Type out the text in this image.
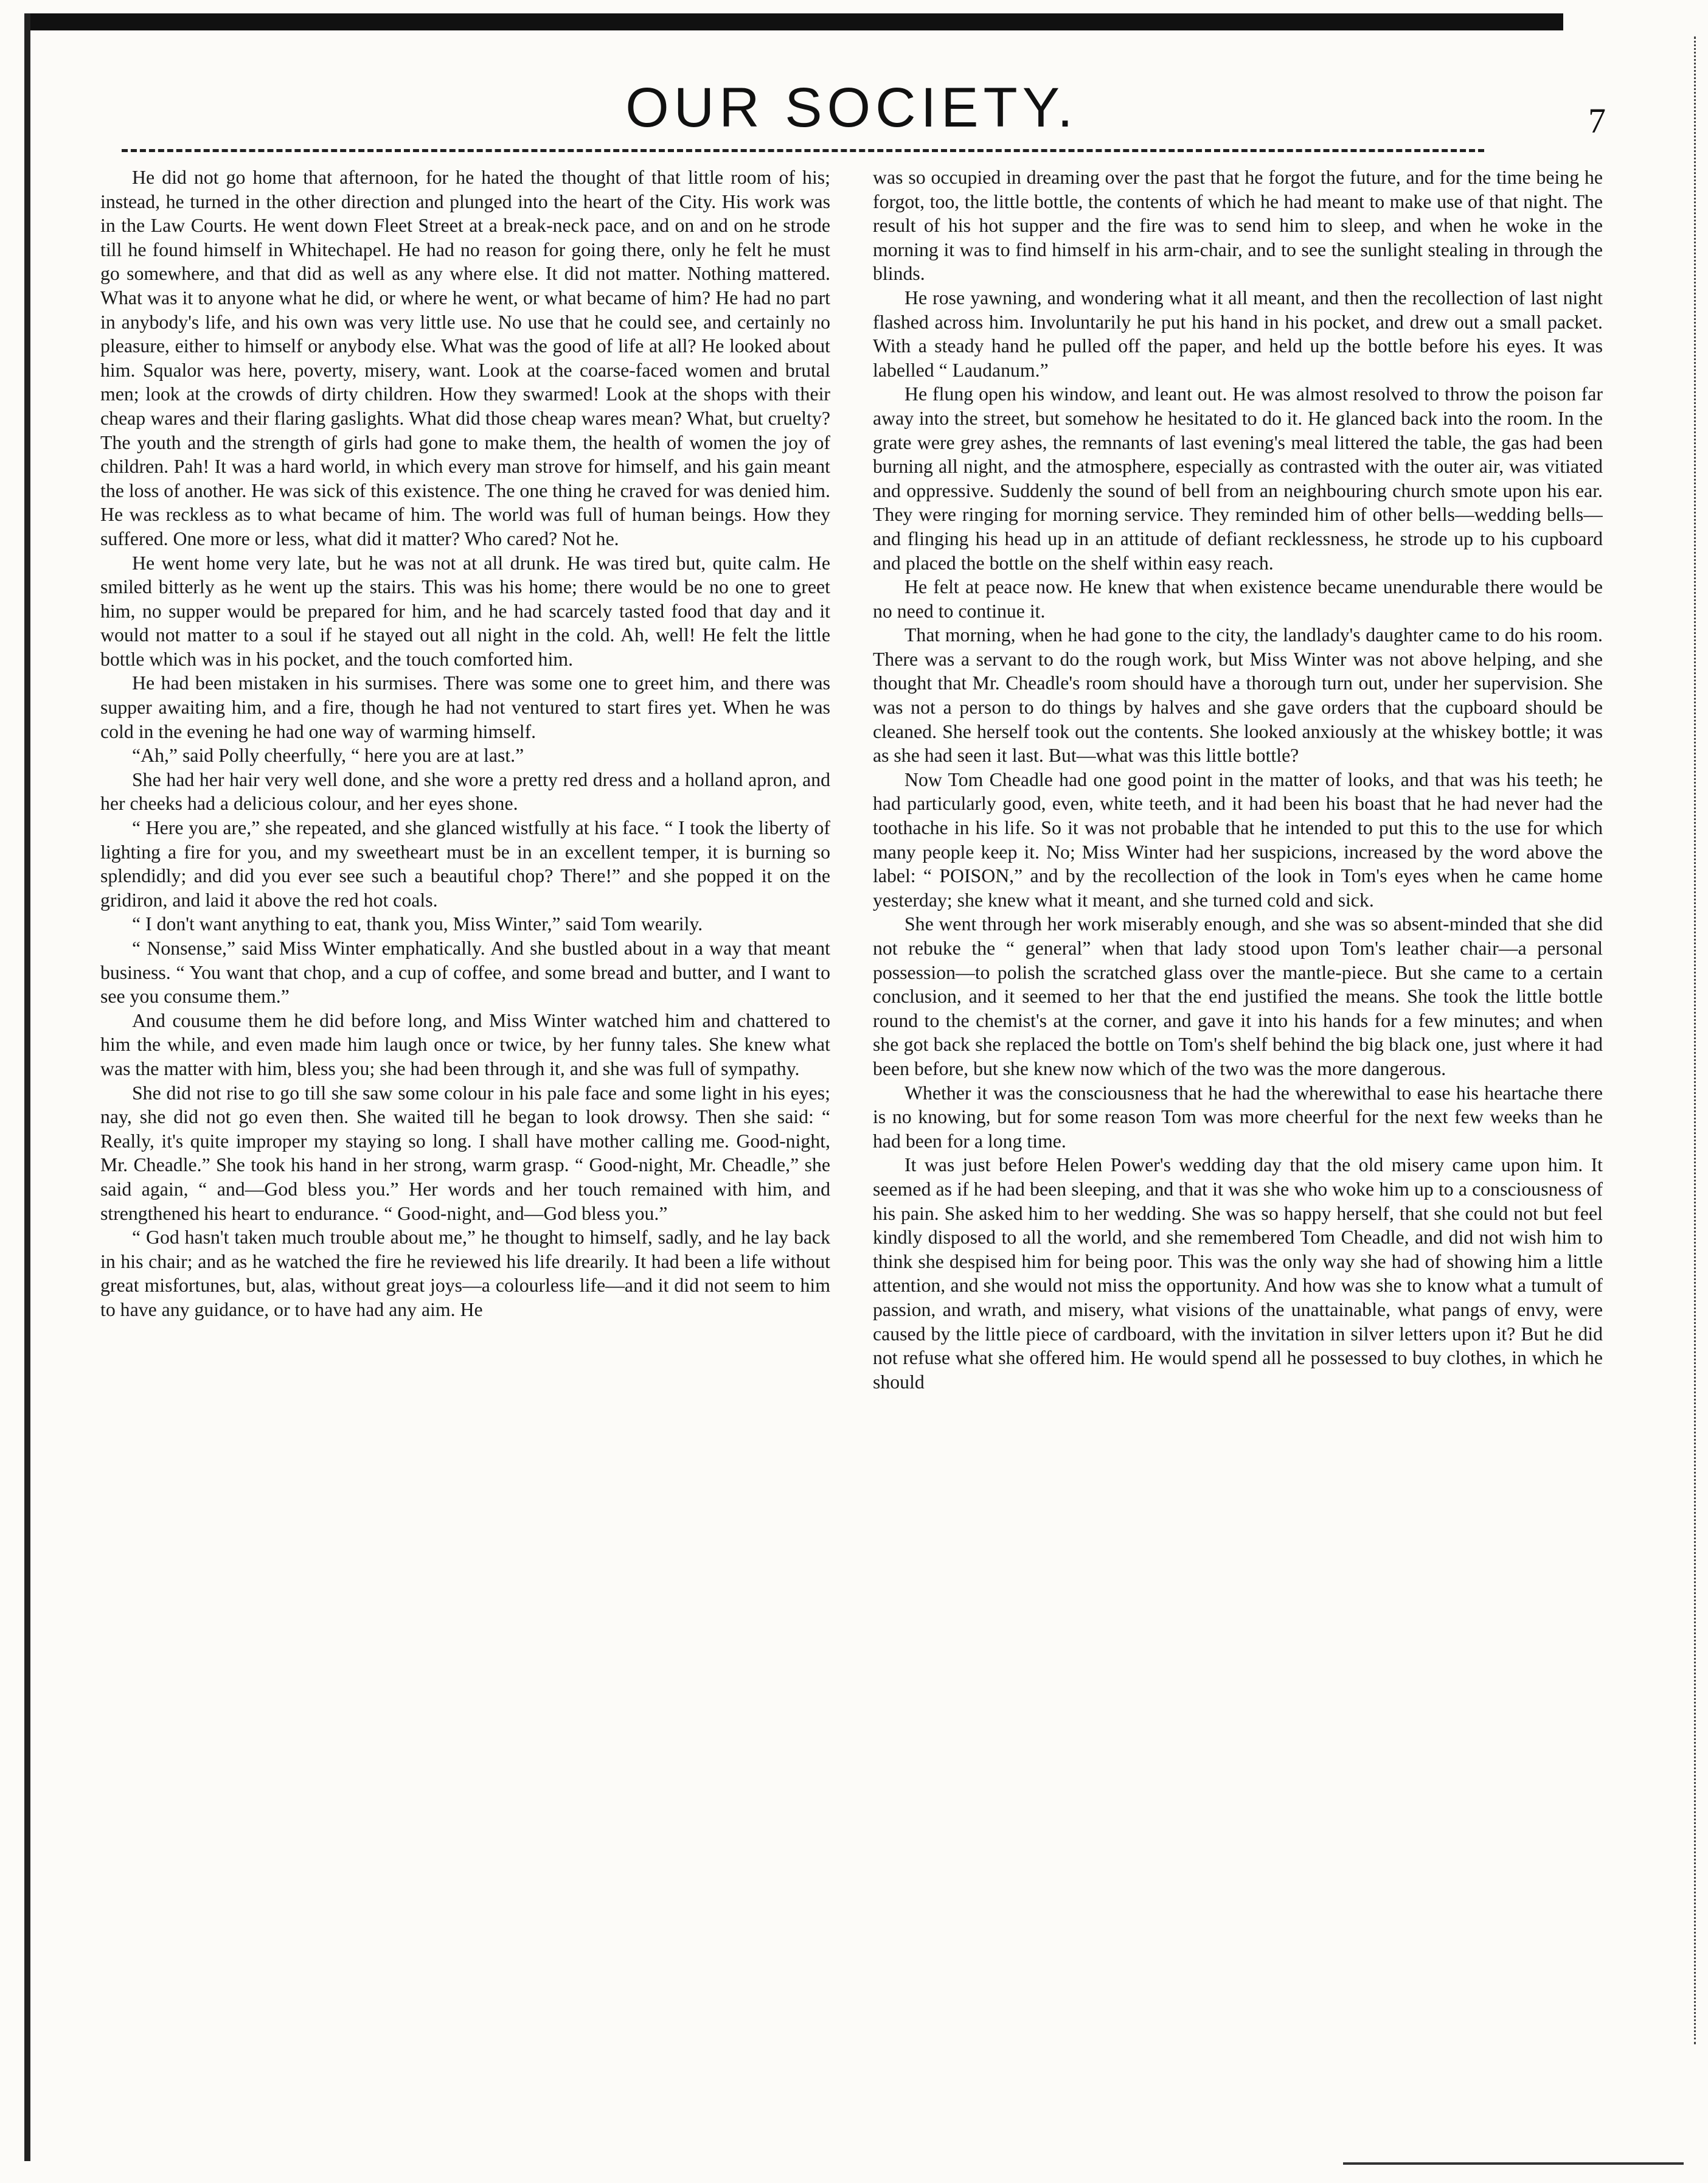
OUR SOCIETY.	7

He did not go home that afternoon, for he hated the thought of that little room of his; instead, he turned in the other direction and plunged into the heart of the City. His work was in the Law Courts. He went down Fleet Street at a break-neck pace, and on and on he strode till he found himself in Whitechapel. He had no reason for going there, only he felt he must go somewhere, and that did as well as any where else. It did not matter. Nothing mattered. What was it to anyone what he did, or where he went, or what became of him? He had no part in anybody's life, and his own was very little use. No use that he could see, and certainly no pleasure, either to himself or anybody else. What was the good of life at all? He looked about him. Squalor was here, poverty, misery, want. Look at the coarse-faced women and brutal men; look at the crowds of dirty children. How they swarmed! Look at the shops with their cheap wares and their flaring gaslights. What did those cheap wares mean? What, but cruelty? The youth and the strength of girls had gone to make them, the health of women the joy of children. Pah! It was a hard world, in which every man strove for himself, and his gain meant the loss of another. He was sick of this existence. The one thing he craved for was denied him. He was reckless as to what became of him. The world was full of human beings. How they suffered. One more or less, what did it matter? Who cared? Not he.

He went home very late, but he was not at all drunk. He was tired but, quite calm. He smiled bitterly as he went up the stairs. This was his home; there would be no one to greet him, no supper would be prepared for him, and he had scarcely tasted food that day and it would not matter to a soul if he stayed out all night in the cold. Ah, well! He felt the little bottle which was in his pocket, and the touch comforted him.

He had been mistaken in his surmises. There was some one to greet him, and there was supper awaiting him, and a fire, though he had not ventured to start fires yet. When he was cold in the evening he had one way of warming himself.

“Ah,” said Polly cheerfully, “ here you are at last.”

She had her hair very well done, and she wore a pretty red dress and a holland apron, and her cheeks had a delicious colour, and her eyes shone.

“ Here you are,” she repeated, and she glanced wistfully at his face. “ I took the liberty of lighting a fire for you, and my sweetheart must be in an excellent temper, it is burning so splendidly; and did you ever see such a beautiful chop? There!” and she popped it on the gridiron, and laid it above the red hot coals.

“ I don't want anything to eat, thank you, Miss Winter,” said Tom wearily.

“ Nonsense,” said Miss Winter emphatically. And she bustled about in a way that meant business. “ You want that chop, and a cup of coffee, and some bread and butter, and I want to see you consume them.”

And cousume them he did before long, and Miss Winter watched him and chattered to him the while, and even made him laugh once or twice, by her funny tales. She knew what was the matter with him, bless you; she had been through it, and she was full of sympathy.

She did not rise to go till she saw some colour in his pale face and some light in his eyes; nay, she did not go even then. She waited till he began to look drowsy. Then she said: “ Really, it's quite improper my staying so long. I shall have mother calling me. Good-night, Mr. Cheadle.” She took his hand in her strong, warm grasp. “ Good-night, Mr. Cheadle,” she said again, “ and—God bless you.” Her words and her touch remained with him, and strengthened his heart to endurance. “ Good-night, and—God bless you.”

“ God hasn't taken much trouble about me,” he thought to himself, sadly, and he lay back in his chair; and as he watched the fire he reviewed his life drearily. It had been a life without great misfortunes, but, alas, without great joys—a colourless life—and it did not seem to him to have any guidance, or to have had any aim. He

was so occupied in dreaming over the past that he forgot the future, and for the time being he forgot, too, the little bottle, the contents of which he had meant to make use of that night. The result of his hot supper and the fire was to send him to sleep, and when he woke in the morning it was to find himself in his arm-chair, and to see the sunlight stealing in through the blinds.

He rose yawning, and wondering what it all meant, and then the recollection of last night flashed across him. Involuntarily he put his hand in his pocket, and drew out a small packet. With a steady hand he pulled off the paper, and held up the bottle before his eyes. It was labelled “ Laudanum.”

He flung open his window, and leant out. He was almost resolved to throw the poison far away into the street, but somehow he hesitated to do it. He glanced back into the room. In the grate were grey ashes, the remnants of last evening's meal littered the table, the gas had been burning all night, and the atmosphere, especially as contrasted with the outer air, was vitiated and oppressive. Suddenly the sound of bell from an neighbouring church smote upon his ear. They were ringing for morning service. They reminded him of other bells—wedding bells—and flinging his head up in an attitude of defiant recklessness, he strode up to his cupboard and placed the bottle on the shelf within easy reach.

He felt at peace now. He knew that when existence became unendurable there would be no need to continue it.

That morning, when he had gone to the city, the landlady's daughter came to do his room. There was a servant to do the rough work, but Miss Winter was not above helping, and she thought that Mr. Cheadle's room should have a thorough turn out, under her supervision. She was not a person to do things by halves and she gave orders that the cupboard should be cleaned. She herself took out the contents. She looked anxiously at the whiskey bottle; it was as she had seen it last. But—what was this little bottle?

Now Tom Cheadle had one good point in the matter of looks, and that was his teeth; he had particularly good, even, white teeth, and it had been his boast that he had never had the toothache in his life. So it was not probable that he intended to put this to the use for which many people keep it. No; Miss Winter had her suspicions, increased by the word above the label: “ POISON,” and by the recollection of the look in Tom's eyes when he came home yesterday; she knew what it meant, and she turned cold and sick.

She went through her work miserably enough, and she was so absent-minded that she did not rebuke the “ general” when that lady stood upon Tom's leather chair—a personal possession—to polish the scratched glass over the mantle-piece. But she came to a certain conclusion, and it seemed to her that the end justified the means. She took the little bottle round to the chemist's at the corner, and gave it into his hands for a few minutes; and when she got back she replaced the bottle on Tom's shelf behind the big black one, just where it had been before, but she knew now which of the two was the more dangerous.

Whether it was the consciousness that he had the wherewithal to ease his heartache there is no knowing, but for some reason Tom was more cheerful for the next few weeks than he had been for a long time.

It was just before Helen Power's wedding day that the old misery came upon him. It seemed as if he had been sleeping, and that it was she who woke him up to a consciousness of his pain. She asked him to her wedding. She was so happy herself, that she could not but feel kindly disposed to all the world, and she remembered Tom Cheadle, and did not wish him to think she despised him for being poor. This was the only way she had of showing him a little attention, and she would not miss the opportunity. And how was she to know what a tumult of passion, and wrath, and misery, what visions of the unattainable, what pangs of envy, were caused by the little piece of cardboard, with the invitation in silver letters upon it? But he did not refuse what she offered him. He would spend all he possessed to buy clothes, in which he should
